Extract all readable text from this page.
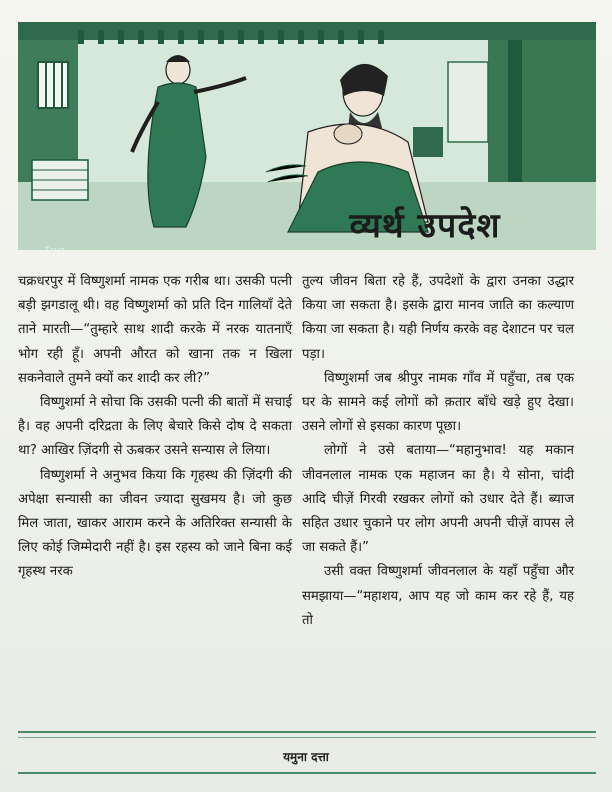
Tayo
व्यर्थ उपदेश

चक्रधरपुर में विष्णुशर्मा नामक एक गरीब था। उसकी पत्नी बड़ी झगडालू थी। वह विष्णुशर्मा को प्रति दिन गालियाँ देते ताने मारती—“तुम्हारे साथ शादी करके में नरक यातनाएँ भोग रही हूँ। अपनी औरत को खाना तक न खिला सकनेवाले तुमने क्यों कर शादी कर ली?”

विष्णुशर्मा ने सोचा कि उसकी पत्नी की बातों में सचाई है। वह अपनी दरिद्रता के लिए बेचारे किसे दोष दे सकता था? आखिर ज़िंदगी से ऊबकर उसने सन्यास ले लिया।

विष्णुशर्मा ने अनुभव किया कि गृहस्थ की ज़िंदगी की अपेक्षा सन्यासी का जीवन ज्यादा सुखमय है। जो कुछ मिल जाता, खाकर आराम करने के अतिरिक्त सन्यासी के लिए कोई जिम्मेदारी नहीं है। इस रहस्य को जाने बिना कई गृहस्थ नरक

तुल्य जीवन बिता रहे हैं, उपदेशों के द्वारा उनका उद्धार किया जा सकता है। इसके द्वारा मानव जाति का कल्याण किया जा सकता है। यही निर्णय करके वह देशाटन पर चल पड़ा।

विष्णुशर्मा जब श्रीपुर नामक गाँव में पहुँचा, तब एक घर के सामने कई लोगों को क़तार बाँधे खड़े हुए देखा। उसने लोगों से इसका कारण पूछा।

लोगों ने उसे बताया—“महानुभाव! यह मकान जीवनलाल नामक एक महाजन का है। ये सोना, चांदी आदि चीज़ें गिरवी रखकर लोगों को उधार देते हैं। ब्याज सहित उधार चुकाने पर लोग अपनी अपनी चीज़ें वापस ले जा सकते हैं।”

उसी वक्त विष्णुशर्मा जीवनलाल के यहाँ पहुँचा और समझाया—“महाशय, आप यह जो काम कर रहे हैं, यह तो

यमुना दत्ता
